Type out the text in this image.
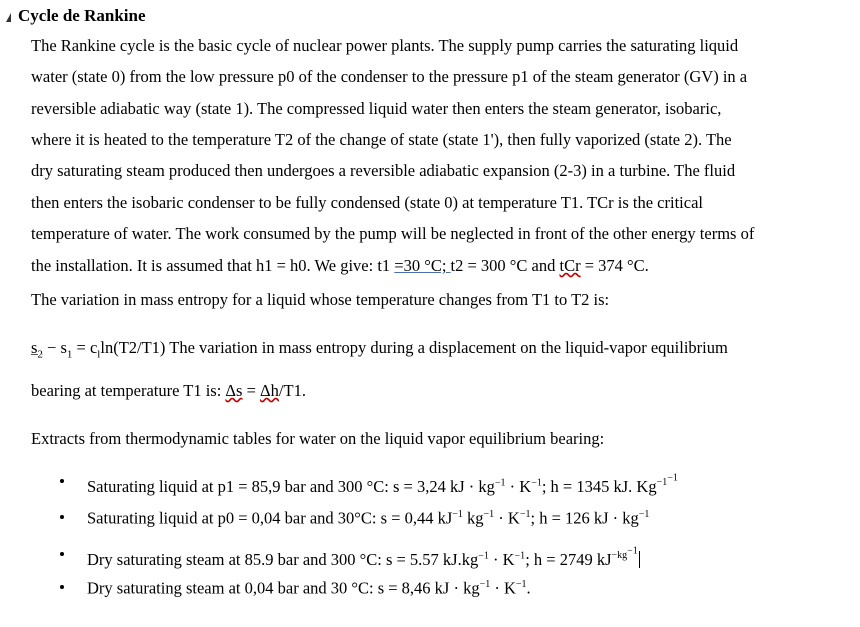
Cycle de Rankine
The Rankine cycle is the basic cycle of nuclear power plants. The supply pump carries the saturating liquid
water (state 0) from the low pressure p0 of the condenser to the pressure p1 of the steam generator (GV) in a
reversible adiabatic way (state 1). The compressed liquid water then enters the steam generator, isobaric,
where it is heated to the temperature T2 of the change of state (state 1'), then fully vaporized (state 2). The
dry saturating steam produced then undergoes a reversible adiabatic expansion (2-3) in a turbine. The fluid
then enters the isobaric condenser to be fully condensed (state 0) at temperature T1. TCr is the critical
temperature of water. The work consumed by the pump will be neglected in front of the other energy terms of
the installation. It is assumed that h1 = h0. We give: t1 =30 °C; t2 = 300 °C and tCr = 374 °C.
The variation in mass entropy for a liquid whose temperature changes from T1 to T2 is:
$s_2 - s_1 = c_l\ln(T2/T1)$ The variation in mass entropy during a displacement on the liquid-vapor equilibrium
bearing at temperature T1 is: Δs = Δh/T1.
Extracts from thermodynamic tables for water on the liquid vapor equilibrium bearing:
Saturating liquid at p1 = 85,9 bar and 300 °C: s = 3,24 kJ · $kg^{-1} \cdot K^{-1}$; h = 1345 kJ. $Kg^{-1^{-1}}$
Saturating liquid at p0 = 0,04 bar and 30°C: s = 0,44 $kJ^{-1}$ $kg^{-1} \cdot K^{-1}$; h = 126 kJ · $kg^{-1}$
Dry saturating steam at 85.9 bar and 300 °C: s = 5.57 $kJ.kg^{-1} \cdot K^{-1}$; h = 2749 $kJ^{-kg^{-1}}$
Dry saturating steam at 0,04 bar and 30 °C: s = 8,46 kJ · $kg^{-1} \cdot K^{-1}$.
